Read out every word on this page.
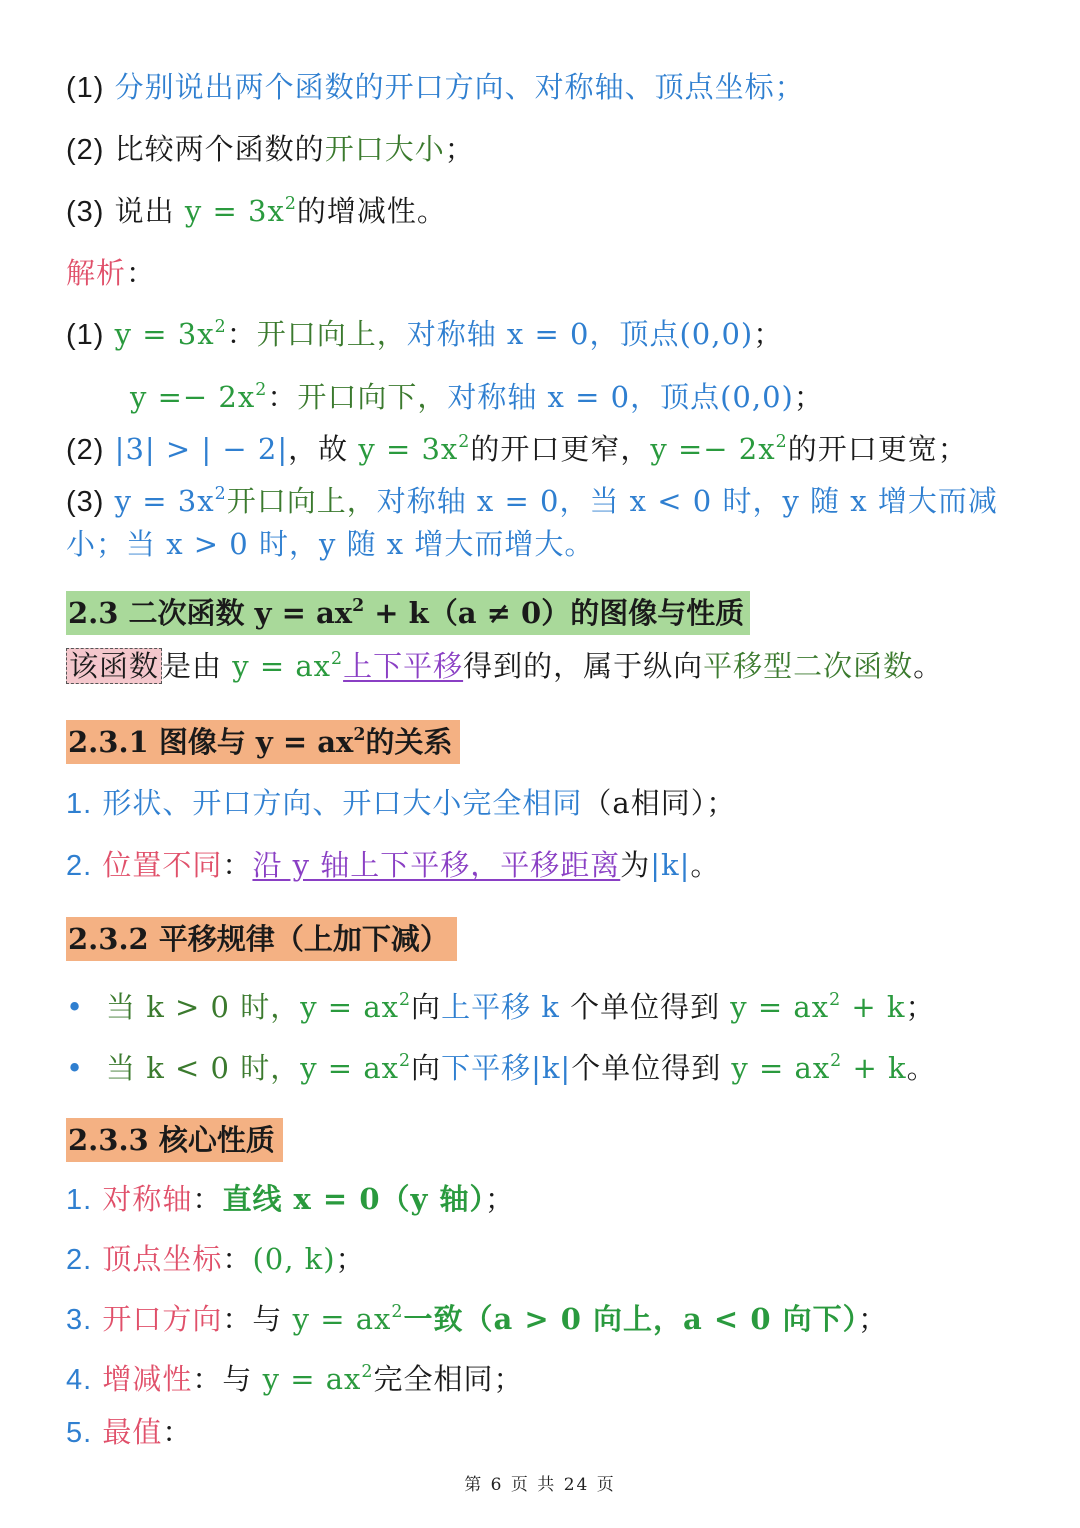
(1) 分别说出两个函数的开口方向、对称轴、顶点坐标；
(2) 比较两个函数的开口大小；
(3) 说出 $y = 3x^2$的增减性。
解析：
(1) $y = 3x^2$：开口向上，对称轴 x = 0，顶点(0,0)；
$y =- 2x^2$：开口向下，对称轴 x = 0，顶点(0,0)；
(2) |3| > | − 2|，故 $y = 3x^2$的开口更窄，$y =- 2x^2$的开口更宽；
(3) $y = 3x^2$开口向上，对称轴 x = 0，当 x < 0 时，y 随 x 增大而减小；当 x > 0 时，y 随 x 增大而增大。
2.3 二次函数 $y = ax^2 + k(a \ne 0)$的图像与性质
该函数 是由 $y = ax^2$上下平移得到的，属于纵向平移型二次函数。
2.3.1 图像与 $y = ax^2$的关系
1. 形状、开口方向、开口大小完全相同（a相同）；
2. 位置不同：沿 y 轴上下平移，平移距离为|k|。
2.3.2 平移规律（上加下减）
• 当 k > 0 时，$y = ax^2$向上平移 k 个单位得到 $y = ax^2 + k$；
• 当 k < 0 时，$y = ax^2$向下平移|k|个单位得到 $y = ax^2 + k$。
2.3.3 核心性质
1. 对称轴：直线 x = 0（y 轴）；
2. 顶点坐标：(0, k)；
3. 开口方向：与 $y = ax^2$一致（a > 0 向上，a < 0 向下）；
4. 增减性：与 $y = ax^2$完全相同；
5. 最值：
第 6 页 共 24 页
